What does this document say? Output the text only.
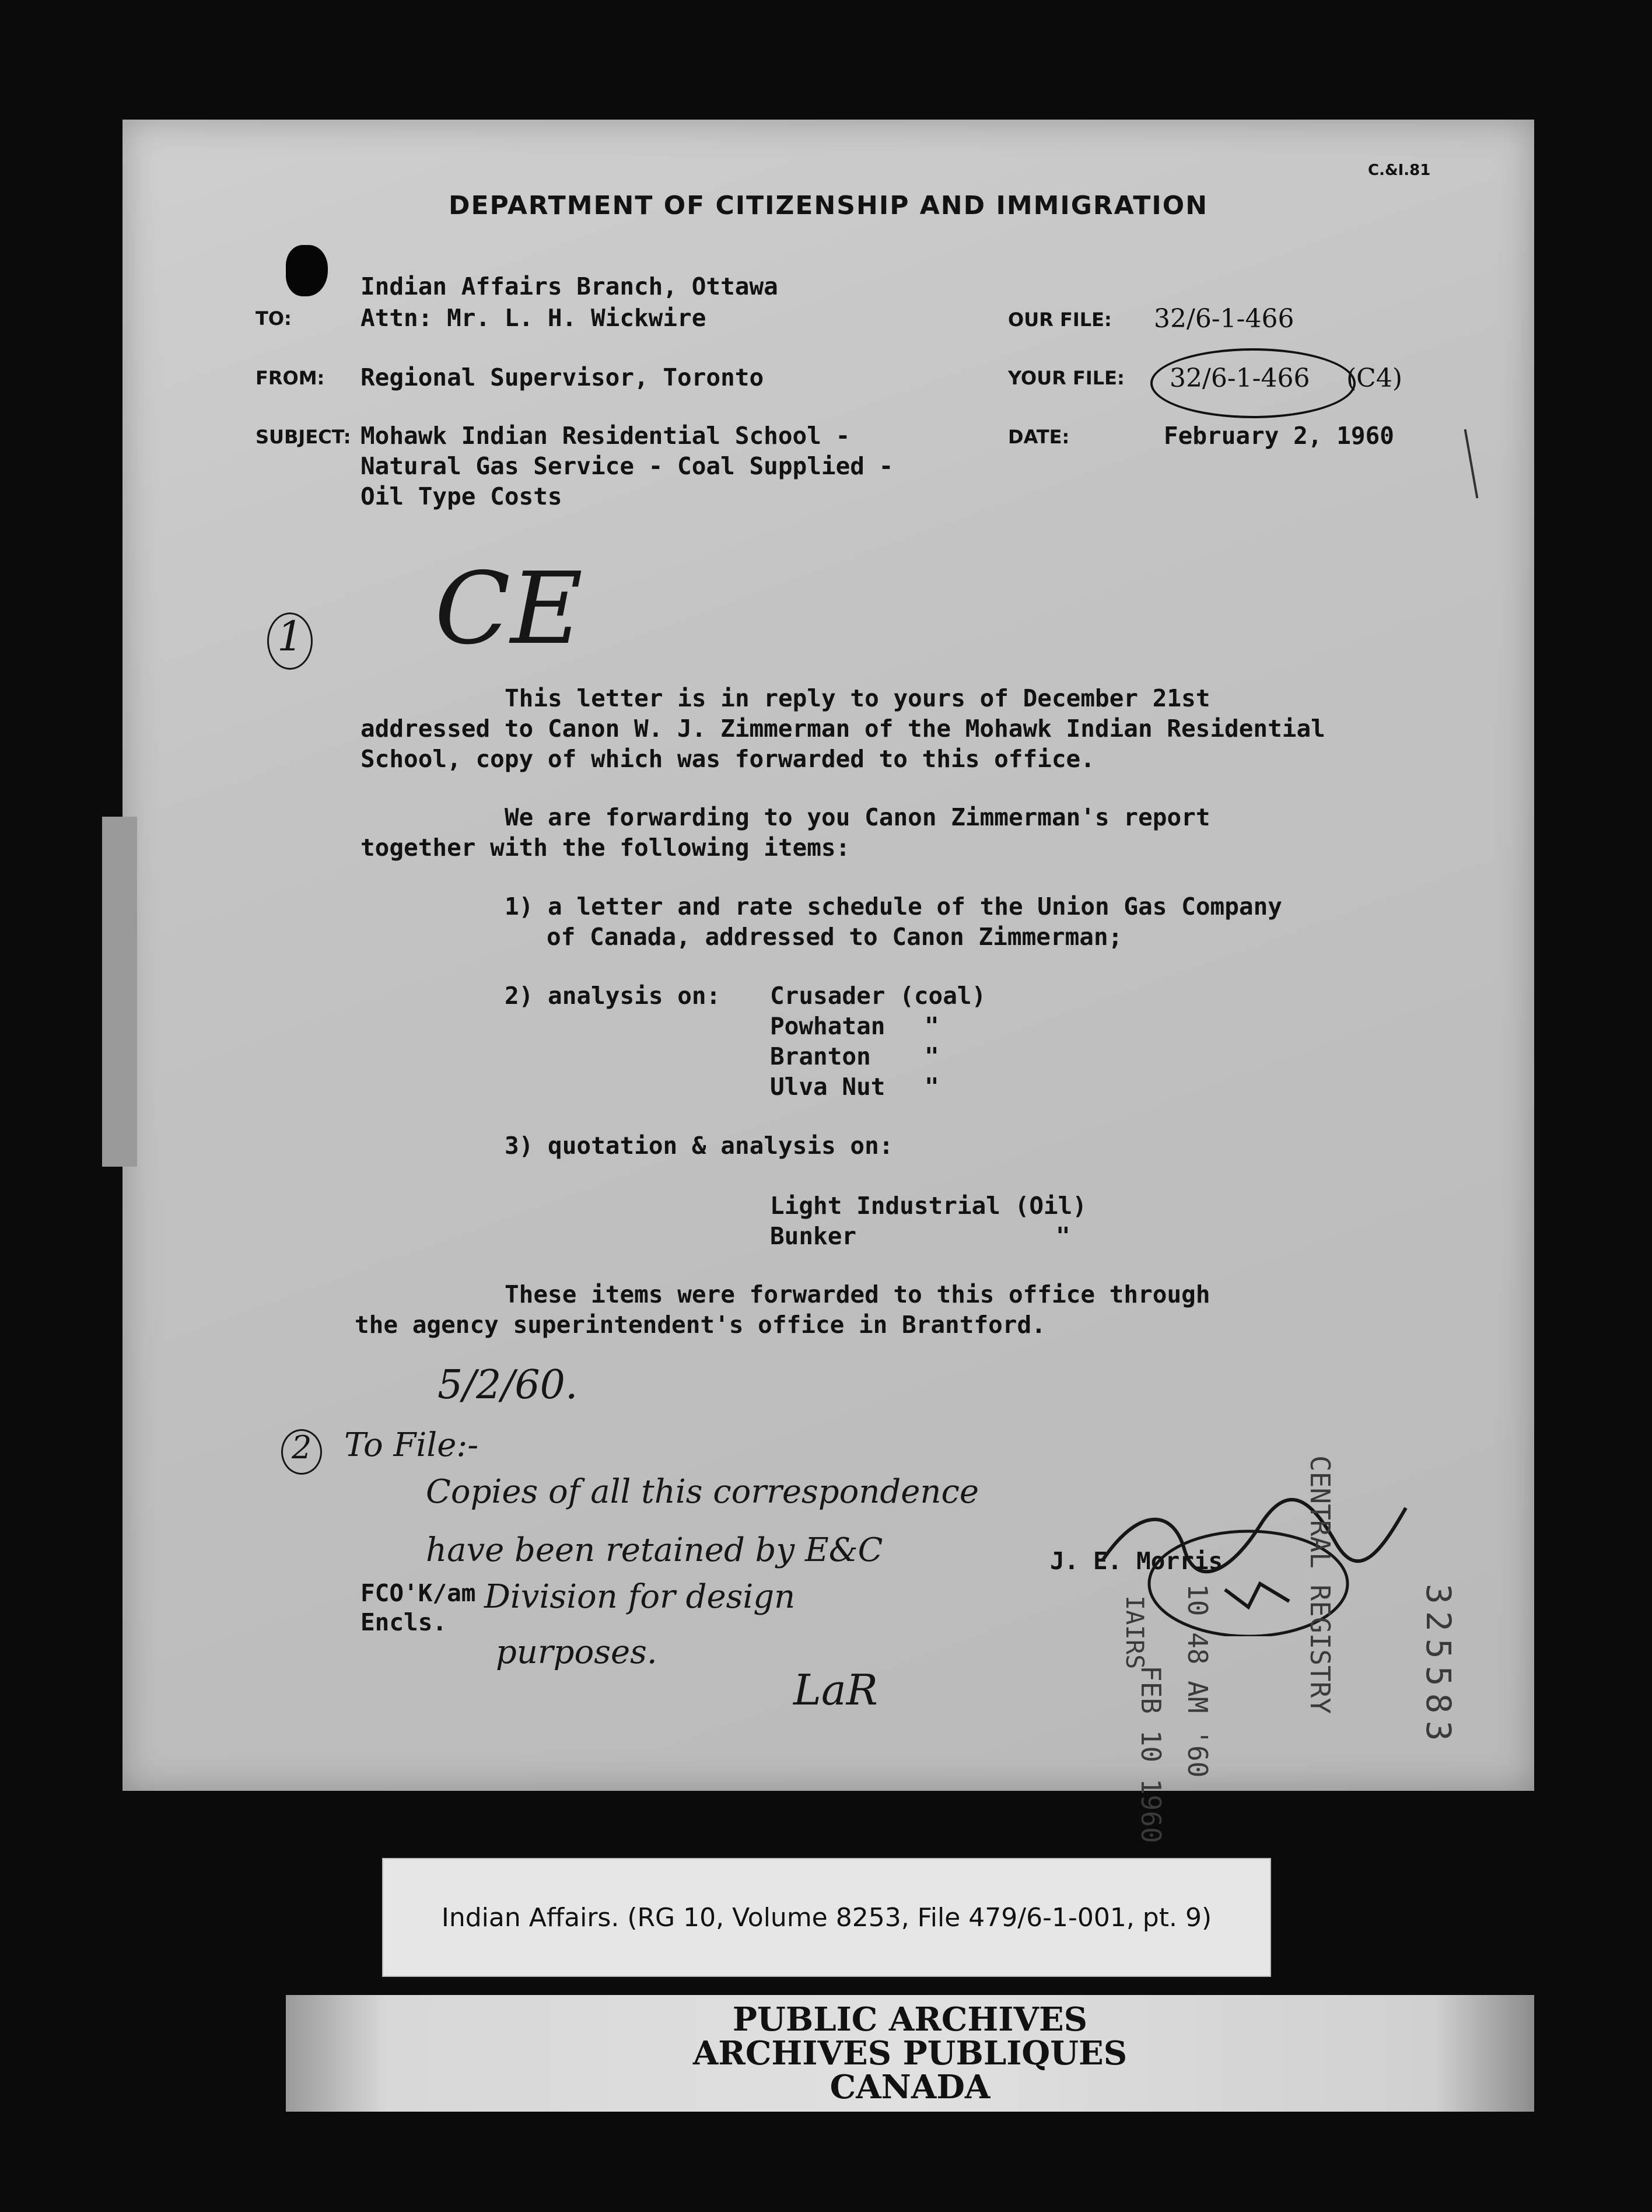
C.&I.81
DEPARTMENT OF CITIZENSHIP AND IMMIGRATION
Indian Affairs Branch, Ottawa
TO:	Attn: Mr. L. H. Wickwire
FROM: Regional Supervisor, Toronto
SUBJECT: Mohawk Indian Residential School -
Natural Gas Service - Coal Supplied -
Oil Type Costs
OUR FILE: 32/6-1-466
YOUR FILE: 32/6-1-466 (C4)
DATE:	February 2, 1960
1 CE
This letter is in reply to yours of December 21st
addressed to Canon W. J. Zimmerman of the Mohawk Indian Residential
School, copy of which was forwarded to this office.
We are forwarding to you Canon Zimmerman's report
together with the following items:
1) a letter and rate schedule of the Union Gas Company
of Canada, addressed to Canon Zimmerman;
2) analysis on: Crusader (coal)
Powhatan "
Branton "
Ulva Nut "
3) quotation & analysis on:
Light Industrial (Oil)
Bunker	"
These items were forwarded to this office through
the agency superintendent's office in Brantford.
5/2/60.
2 To File:-
Copies of all this correspondence
have been retained by E&C
Division for design
purposes.
LaR
J. E. Morris
FCO'K/am
Encls.
FEB 10 1960 10 48 AM '60
IAIRS	CENTRAL REGISTRY 325583
Indian Affairs. (RG 10, Volume 8253, File 479/6-1-001, pt. 9)
PUBLIC ARCHIVES
ARCHIVES PUBLIQUES
CANADA
